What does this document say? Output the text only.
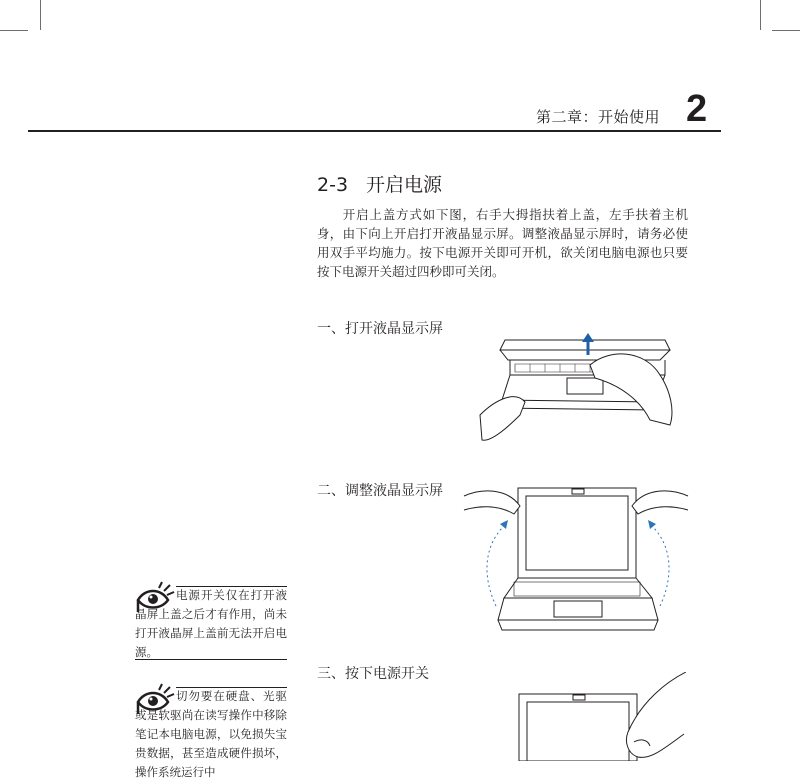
第二章：开始使用 2
2-3 开启电源
开启上盖方式如下图，右手大拇指扶着上盖，左手扶着主机身，由下向上开启打开液晶显示屏。调整液晶显示屏时，请务必使用双手平均施力。按下电源开关即可开机，欲关闭电脑电源也只要按下电源开关超过四秒即可关闭。
一、打开液晶显示屏
二、调整液晶显示屏
三、按下电源开关
电源开关仅在打开液晶屏上盖之后才有作用，尚未打开液晶屏上盖前无法开启电源。
切勿要在硬盘、光驱或是软驱尚在读写操作中移除笔记本电脑电源，以免损失宝贵数据，甚至造成硬件损坏，操作系统运行中
